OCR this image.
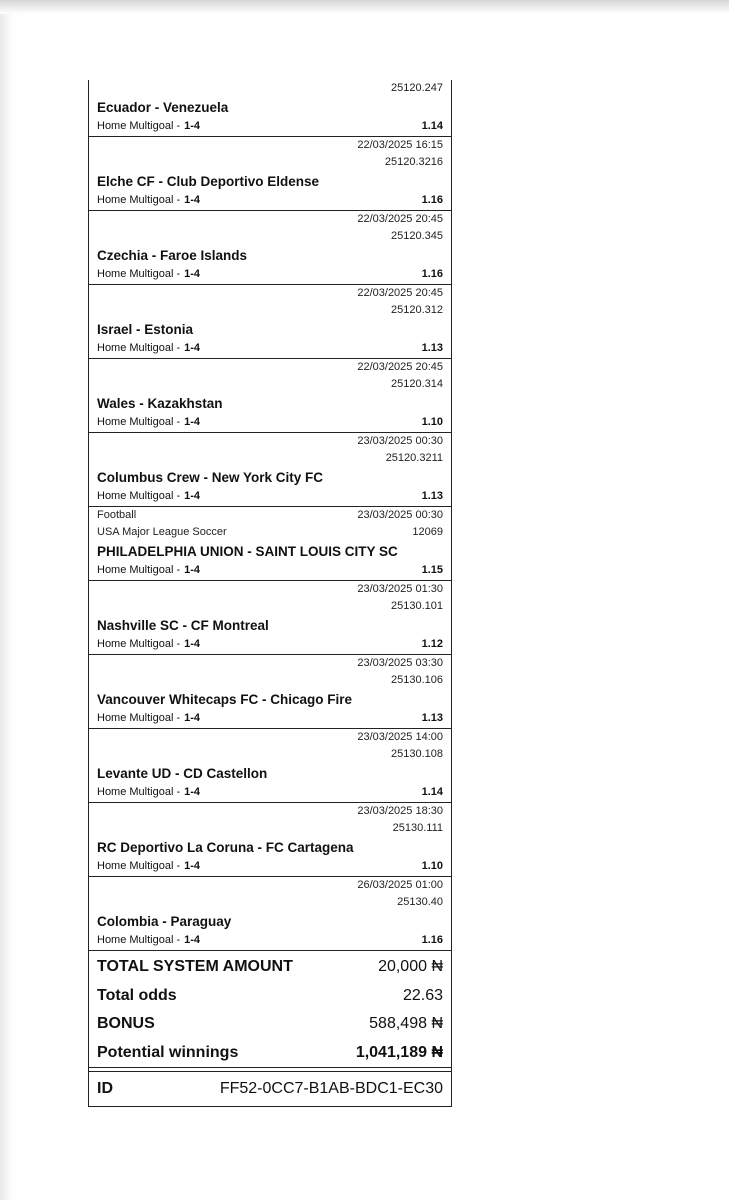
25120.247
Ecuador - Venezuela
Home Multigoal - 1-4	1.14
22/03/2025 16:15
25120.3216
Elche CF - Club Deportivo Eldense
Home Multigoal - 1-4	1.16
22/03/2025 20:45
25120.345
Czechia - Faroe Islands
Home Multigoal - 1-4	1.16
22/03/2025 20:45
25120.312
Israel - Estonia
Home Multigoal - 1-4	1.13
22/03/2025 20:45
25120.314
Wales - Kazakhstan
Home Multigoal - 1-4	1.10
23/03/2025 00:30
25120.3211
Columbus Crew - New York City FC
Home Multigoal - 1-4	1.13
Football	23/03/2025 00:30
USA Major League Soccer	12069
PHILADELPHIA UNION - SAINT LOUIS CITY SC
Home Multigoal - 1-4	1.15
23/03/2025 01:30
25130.101
Nashville SC - CF Montreal
Home Multigoal - 1-4	1.12
23/03/2025 03:30
25130.106
Vancouver Whitecaps FC - Chicago Fire
Home Multigoal - 1-4	1.13
23/03/2025 14:00
25130.108
Levante UD - CD Castellon
Home Multigoal - 1-4	1.14
23/03/2025 18:30
25130.111
RC Deportivo La Coruna - FC Cartagena
Home Multigoal - 1-4	1.10
26/03/2025 01:00
25130.40
Colombia - Paraguay
Home Multigoal - 1-4	1.16
TOTAL SYSTEM AMOUNT	20,000 ₦
Total odds	22.63
BONUS	588,498 ₦
Potential winnings	1,041,189 ₦
ID	FF52-0CC7-B1AB-BDC1-EC30
